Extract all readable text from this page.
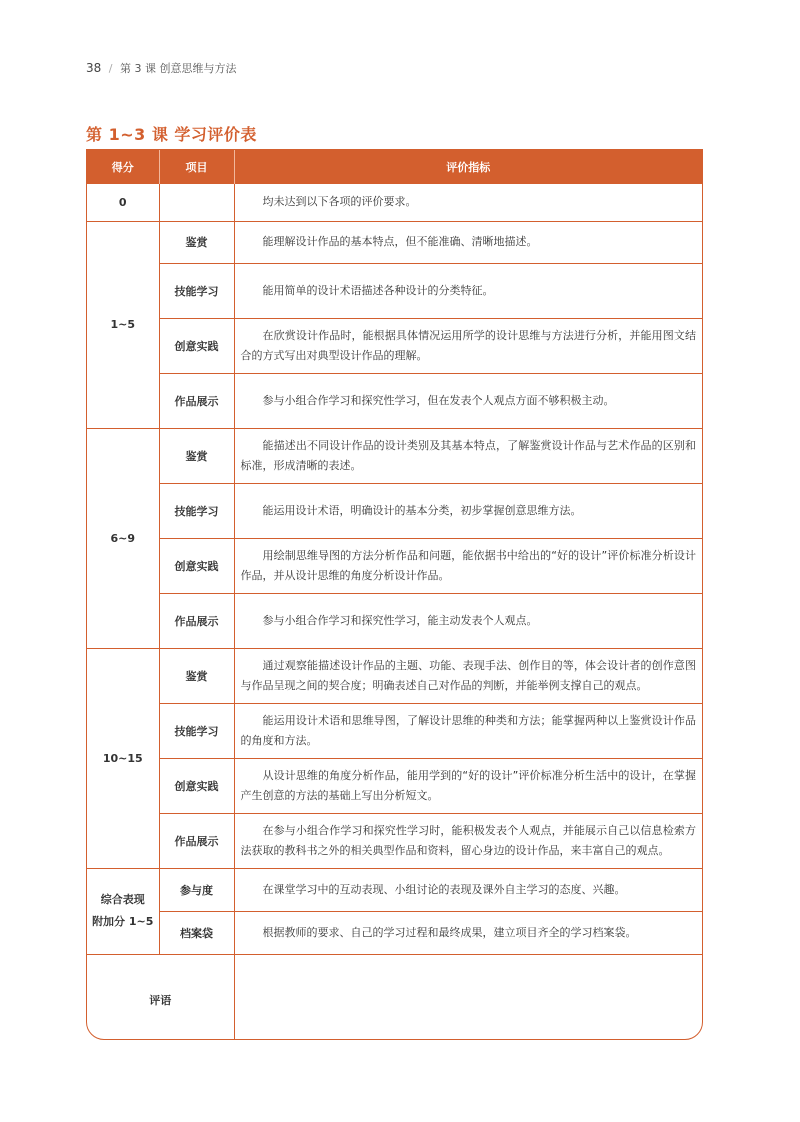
38 / 第 3 课 创意思维与方法
第 1~3 课 学习评价表
得分	项目	评价指标
0		均未达到以下各项的评价要求。
1~5	鉴赏	能理解设计作品的基本特点，但不能准确、清晰地描述。
	技能学习	能用简单的设计术语描述各种设计的分类特征。
	创意实践	在欣赏设计作品时，能根据具体情况运用所学的设计思维与方法进行分析，并能用图文结合的方式写出对典型设计作品的理解。
	作品展示	参与小组合作学习和探究性学习，但在发表个人观点方面不够积极主动。
6~9	鉴赏	能描述出不同设计作品的设计类别及其基本特点，了解鉴赏设计作品与艺术作品的区别和标准，形成清晰的表述。
	技能学习	能运用设计术语，明确设计的基本分类，初步掌握创意思维方法。
	创意实践	用绘制思维导图的方法分析作品和问题，能依据书中给出的“好的设计”评价标准分析设计作品，并从设计思维的角度分析设计作品。
	作品展示	参与小组合作学习和探究性学习，能主动发表个人观点。
10~15	鉴赏	通过观察能描述设计作品的主题、功能、表现手法、创作目的等，体会设计者的创作意图与作品呈现之间的契合度；明确表述自己对作品的判断，并能举例支撑自己的观点。
	技能学习	能运用设计术语和思维导图，了解设计思维的种类和方法；能掌握两种以上鉴赏设计作品的角度和方法。
	创意实践	从设计思维的角度分析作品，能用学到的“好的设计”评价标准分析生活中的设计，在掌握产生创意的方法的基础上写出分析短文。
	作品展示	在参与小组合作学习和探究性学习时，能积极发表个人观点，并能展示自己以信息检索方法获取的教科书之外的相关典型作品和资料，留心身边的设计作品，来丰富自己的观点。

综合表现
附加分 1~5	参与度	在课堂学习中的互动表现、小组讨论的表现及课外自主学习的态度、兴趣。
	档案袋	根据教师的要求、自己的学习过程和最终成果，建立项目齐全的学习档案袋。
评语		
